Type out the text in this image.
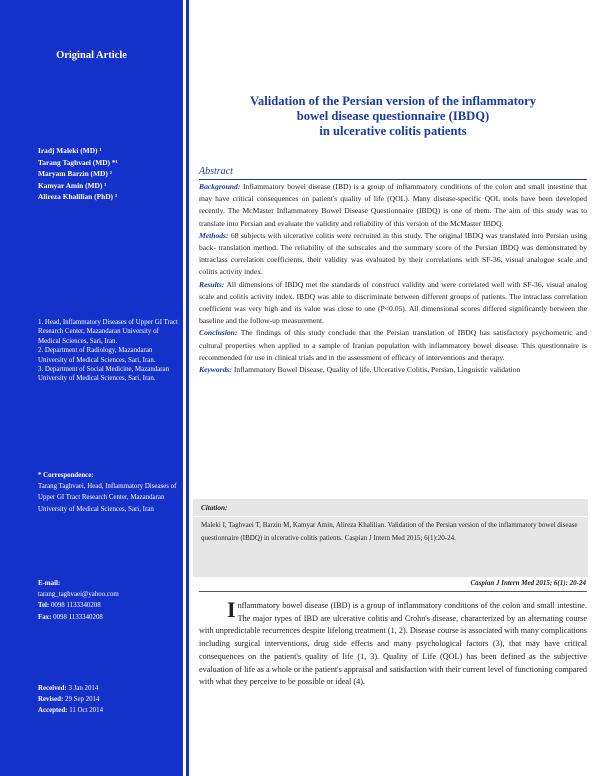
Original Article
Iradj Maleki (MD) ¹
Tarang Taghvaei (MD) *¹
Maryam Barzin (MD) ²
Kamyar Amin (MD) ¹
Alireza Khalilian (PhD) ³
1. Head, Inflammatory Diseases of Upper GI Tract Research Center, Mazandaran University of Medical Sciences, Sari, Iran.
2. Department of Radiology, Mazandaran University of Medical Sciences, Sari, Iran.
3. Department of Social Medicine, Mazandaran University of Medical Sciences, Sari, Iran.
* Correspondence:
Tarang Taghvaei, Head, Inflammatory Diseases of Upper GI Tract Research Center, Mazandaran University of Medical Sciences, Sari, Iran
E-mail:
tarang_taghvaei@yahoo.com
Tel: 0098 1133340208
Fax: 0098 1133340208
Received: 3 Jan 2014
Revised: 29 Sep 2014
Accepted: 11 Oct 2014
Validation of the Persian version of the inflammatory
bowel disease questionnaire (IBDQ)
in ulcerative colitis patients
Abstract

Background: Inflammatory bowel disease (IBD) is a group of inflammatory conditions of the colon and small intestine that may have critical consequences on patient's quality of life (QOL). Many disease-specific QOL tools have been developed recently. The McMaster Inflammatory Bowel Disease Questionnaire (IBDQ) is one of them. The aim of this study was to translate into Persian and evaluate the validity and reliability of this version of the McMaster IBDQ.

Methods: 68 subjects with ulcerative colitis were recruited in this study. The original IBDQ was translated into Persian using back- translation method. The reliability of the subscales and the summary score of the Persian IBDQ was demonstrated by intraclass correlation coefficients, their validity was evaluated by their correlations with SF-36, visual analogue scale and colitis activity index.

Results: All dimensions of IBDQ met the standards of construct validity and were correlated well with SF-36, visual analog scale and colitis activity index. IBDQ was able to discriminate between different groups of patients. The intraclass correlation coefficient was very high and its value was close to one (P<0.05). All dimensional scores differed significantly between the baseline and the follow-up measurement.

Conclusion: The findings of this study conclude that the Persian translation of IBDQ has satisfactory psychometric and cultural properties when applied to a sample of Iranian population with inflammatory bowel disease. This questionnaire is recommended for use in clinical trials and in the assessment of efficacy of interventions and therapy.

Keywords: Inflammatory Bowel Disease, Quality of life, Ulcerative Colitis, Persian, Linguistic validation

Citation:
Maleki I, Taghvaei T, Barzin M, Kamyar Amin, Alireza Khalilian. Validation of the Persian version of the inflammatory bowel disease questionnaire (IBDQ) in ulcerative colitis patients. Caspian J Intern Med 2015; 6(1):20-24.
Caspian J Intern Med 2015; 6(1): 20-24
Inflammatory bowel disease (IBD) is a group of inflammatory conditions of the colon and small intestine. The major types of IBD are ulcerative colitis and Crohn's disease, characterized by an alternating course with unpredictable recurrences despite lifelong treatment (1, 2). Disease course is associated with many complications including surgical interventions, drug side effects and many psychological factors (3), that may have critical consequences on the patient's quality of life (1, 3). Quality of Life (QOL) has been defined as the subjective evaluation of life as a whole or the patient's appraisal and satisfaction with their current level of functioning compared with what they perceive to be possible or ideal (4).
